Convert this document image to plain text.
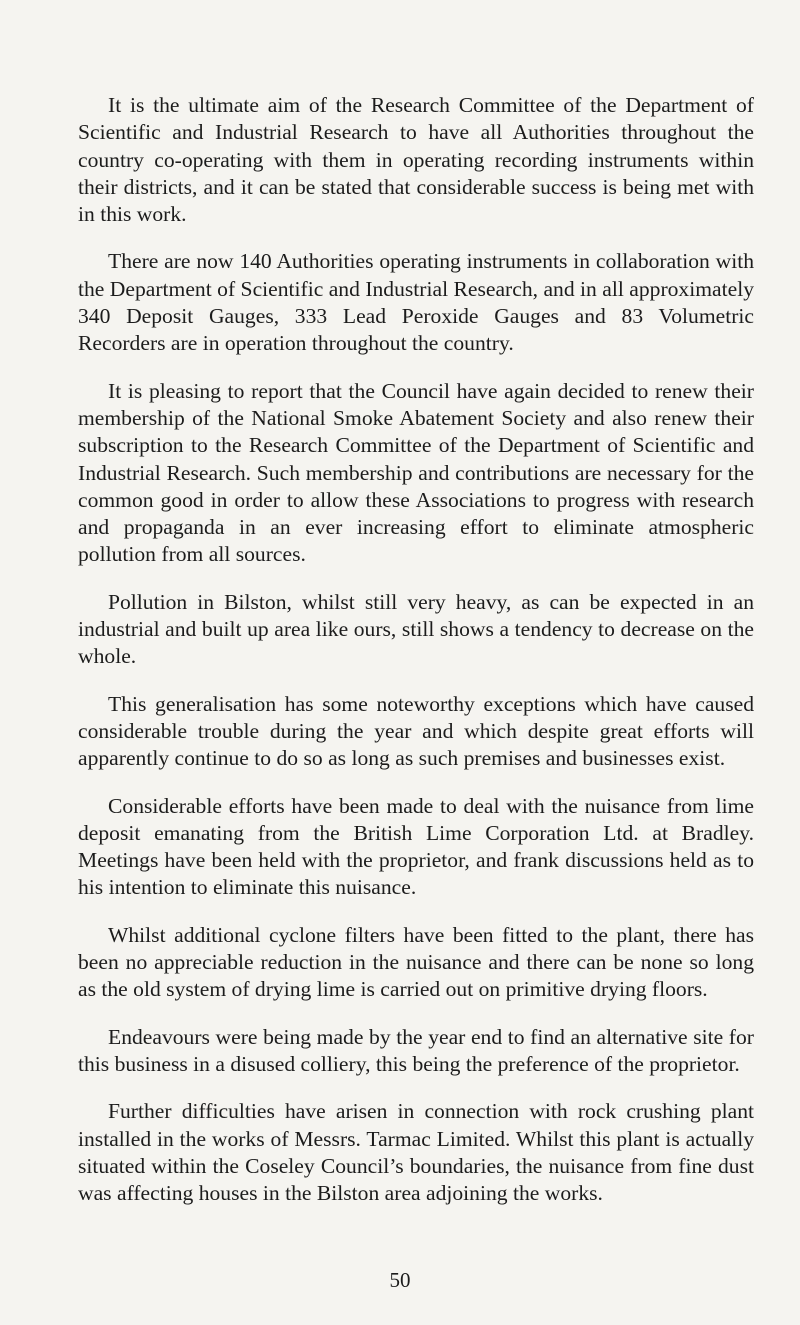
It is the ultimate aim of the Research Committee of the Department of Scientific and Industrial Research to have all Authorities throughout the country co-operating with them in operating recording instruments within their districts, and it can be stated that considerable success is being met with in this work.

There are now 140 Authorities operating instruments in collaboration with the Department of Scientific and Industrial Research, and in all approximately 340 Deposit Gauges, 333 Lead Peroxide Gauges and 83 Volumetric Recorders are in operation throughout the country.

It is pleasing to report that the Council have again decided to renew their membership of the National Smoke Abatement Society and also renew their subscription to the Research Committee of the Department of Scientific and Industrial Research. Such membership and contributions are necessary for the common good in order to allow these Associations to progress with research and propaganda in an ever increasing effort to eliminate atmospheric pollution from all sources.

Pollution in Bilston, whilst still very heavy, as can be expected in an industrial and built up area like ours, still shows a tendency to decrease on the whole.

This generalisation has some noteworthy exceptions which have caused considerable trouble during the year and which despite great efforts will apparently continue to do so as long as such premises and businesses exist.

Considerable efforts have been made to deal with the nuisance from lime deposit emanating from the British Lime Corporation Ltd. at Bradley. Meetings have been held with the proprietor, and frank discussions held as to his intention to eliminate this nuisance.

Whilst additional cyclone filters have been fitted to the plant, there has been no appreciable reduction in the nuisance and there can be none so long as the old system of drying lime is carried out on primitive drying floors.

Endeavours were being made by the year end to find an alternative site for this business in a disused colliery, this being the preference of the proprietor.

Further difficulties have arisen in connection with rock crushing plant installed in the works of Messrs. Tarmac Limited. Whilst this plant is actually situated within the Coseley Council’s boundaries, the nuisance from fine dust was affecting houses in the Bilston area adjoining the works.

50
